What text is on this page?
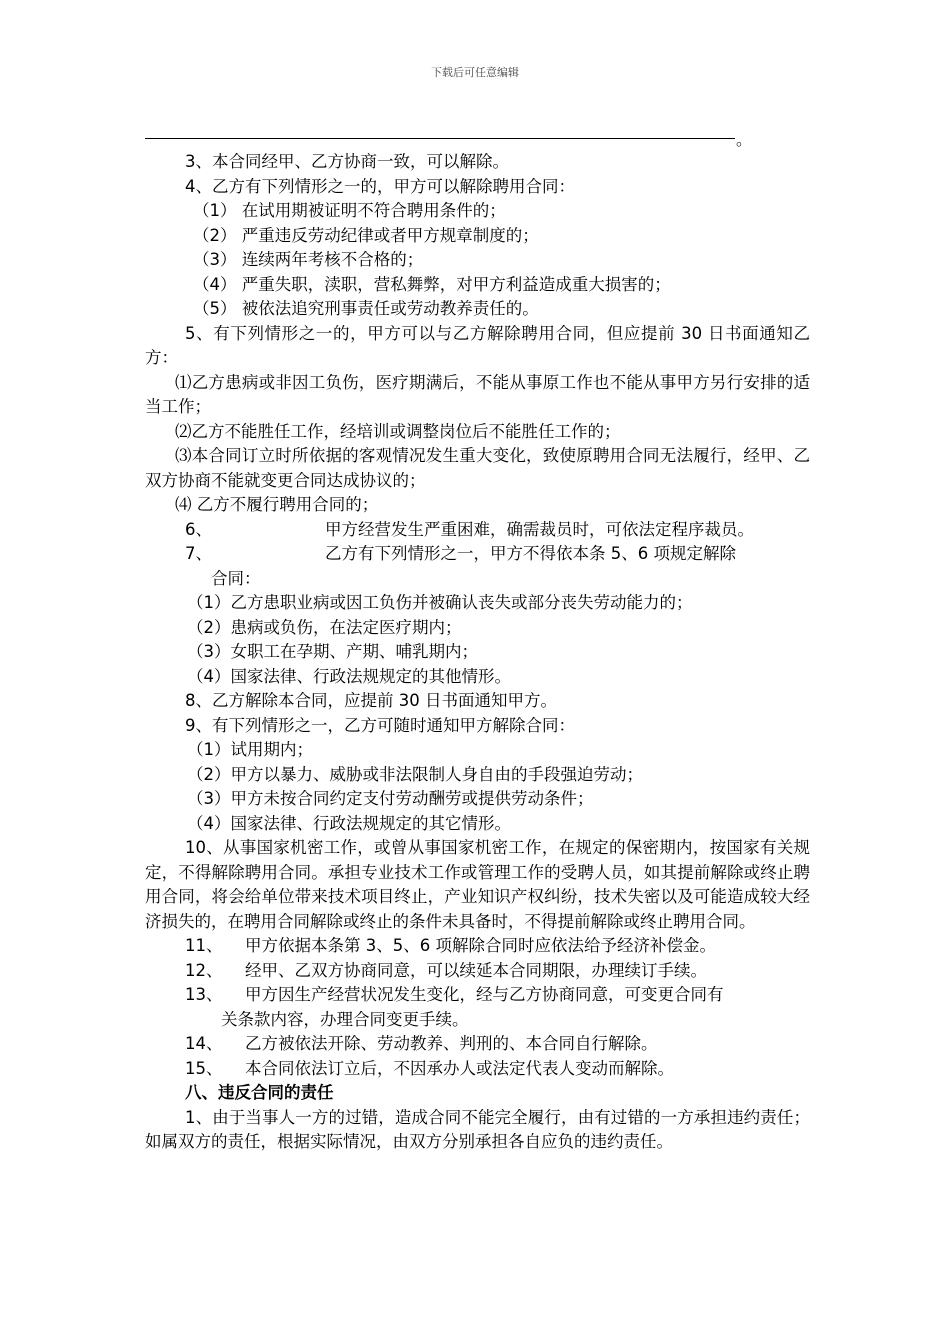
下载后可任意编辑
。

3、本合同经甲、乙方协商一致，可以解除。

4、乙方有下列情形之一的，甲方可以解除聘用合同：

（1） 在试用期被证明不符合聘用条件的；

（2） 严重违反劳动纪律或者甲方规章制度的；

（3） 连续两年考核不合格的；

（4） 严重失职，渎职，营私舞弊，对甲方利益造成重大损害的；

（5） 被依法追究刑事责任或劳动教养责任的。

5、有下列情形之一的，甲方可以与乙方解除聘用合同，但应提前 30 日书面通知乙方：

⑴乙方患病或非因工负伤，医疗期满后，不能从事原工作也不能从事甲方另行安排的适当工作；

⑵乙方不能胜任工作，经培训或调整岗位后不能胜任工作的；

⑶本合同订立时所依据的客观情况发生重大变化，致使原聘用合同无法履行，经甲、乙双方协商不能就变更合同达成协议的；

⑷ 乙方不履行聘用合同的；

6、	甲方经营发生严重困难，确需裁员时，可依法定程序裁员。

7、	乙方有下列情形之一，甲方不得依本条 5、6 项规定解除

合同：

（1）乙方患职业病或因工负伤并被确认丧失或部分丧失劳动能力的；

（2）患病或负伤，在法定医疗期内；

（3）女职工在孕期、产期、哺乳期内；

（4）国家法律、行政法规规定的其他情形。

8、乙方解除本合同，应提前 30 日书面通知甲方。

9、有下列情形之一，乙方可随时通知甲方解除合同：

（1）试用期内；

（2）甲方以暴力、威胁或非法限制人身自由的手段强迫劳动；

（3）甲方未按合同约定支付劳动酬劳或提供劳动条件；

（4）国家法律、行政法规规定的其它情形。

10、从事国家机密工作，或曾从事国家机密工作，在规定的保密期内，按国家有关规定，不得解除聘用合同。承担专业技术工作或管理工作的受聘人员，如其提前解除或终止聘用合同，将会给单位带来技术项目终止，产业知识产权纠纷，技术失密以及可能造成较大经济损失的，在聘用合同解除或终止的条件未具备时，不得提前解除或终止聘用合同。

11、 甲方依据本条第 3、5、6 项解除合同时应依法给予经济补偿金。

12、 经甲、乙双方协商同意，可以续延本合同期限，办理续订手续。

13、 甲方因生产经营状况发生变化，经与乙方协商同意，可变更合同有

关条款内容，办理合同变更手续。

14、 乙方被依法开除、劳动教养、判刑的、本合同自行解除。

15、 本合同依法订立后，不因承办人或法定代表人变动而解除。

八、违反合同的责任

1、由于当事人一方的过错，造成合同不能完全履行，由有过错的一方承担违约责任；如属双方的责任，根据实际情况，由双方分别承担各自应负的违约责任。
